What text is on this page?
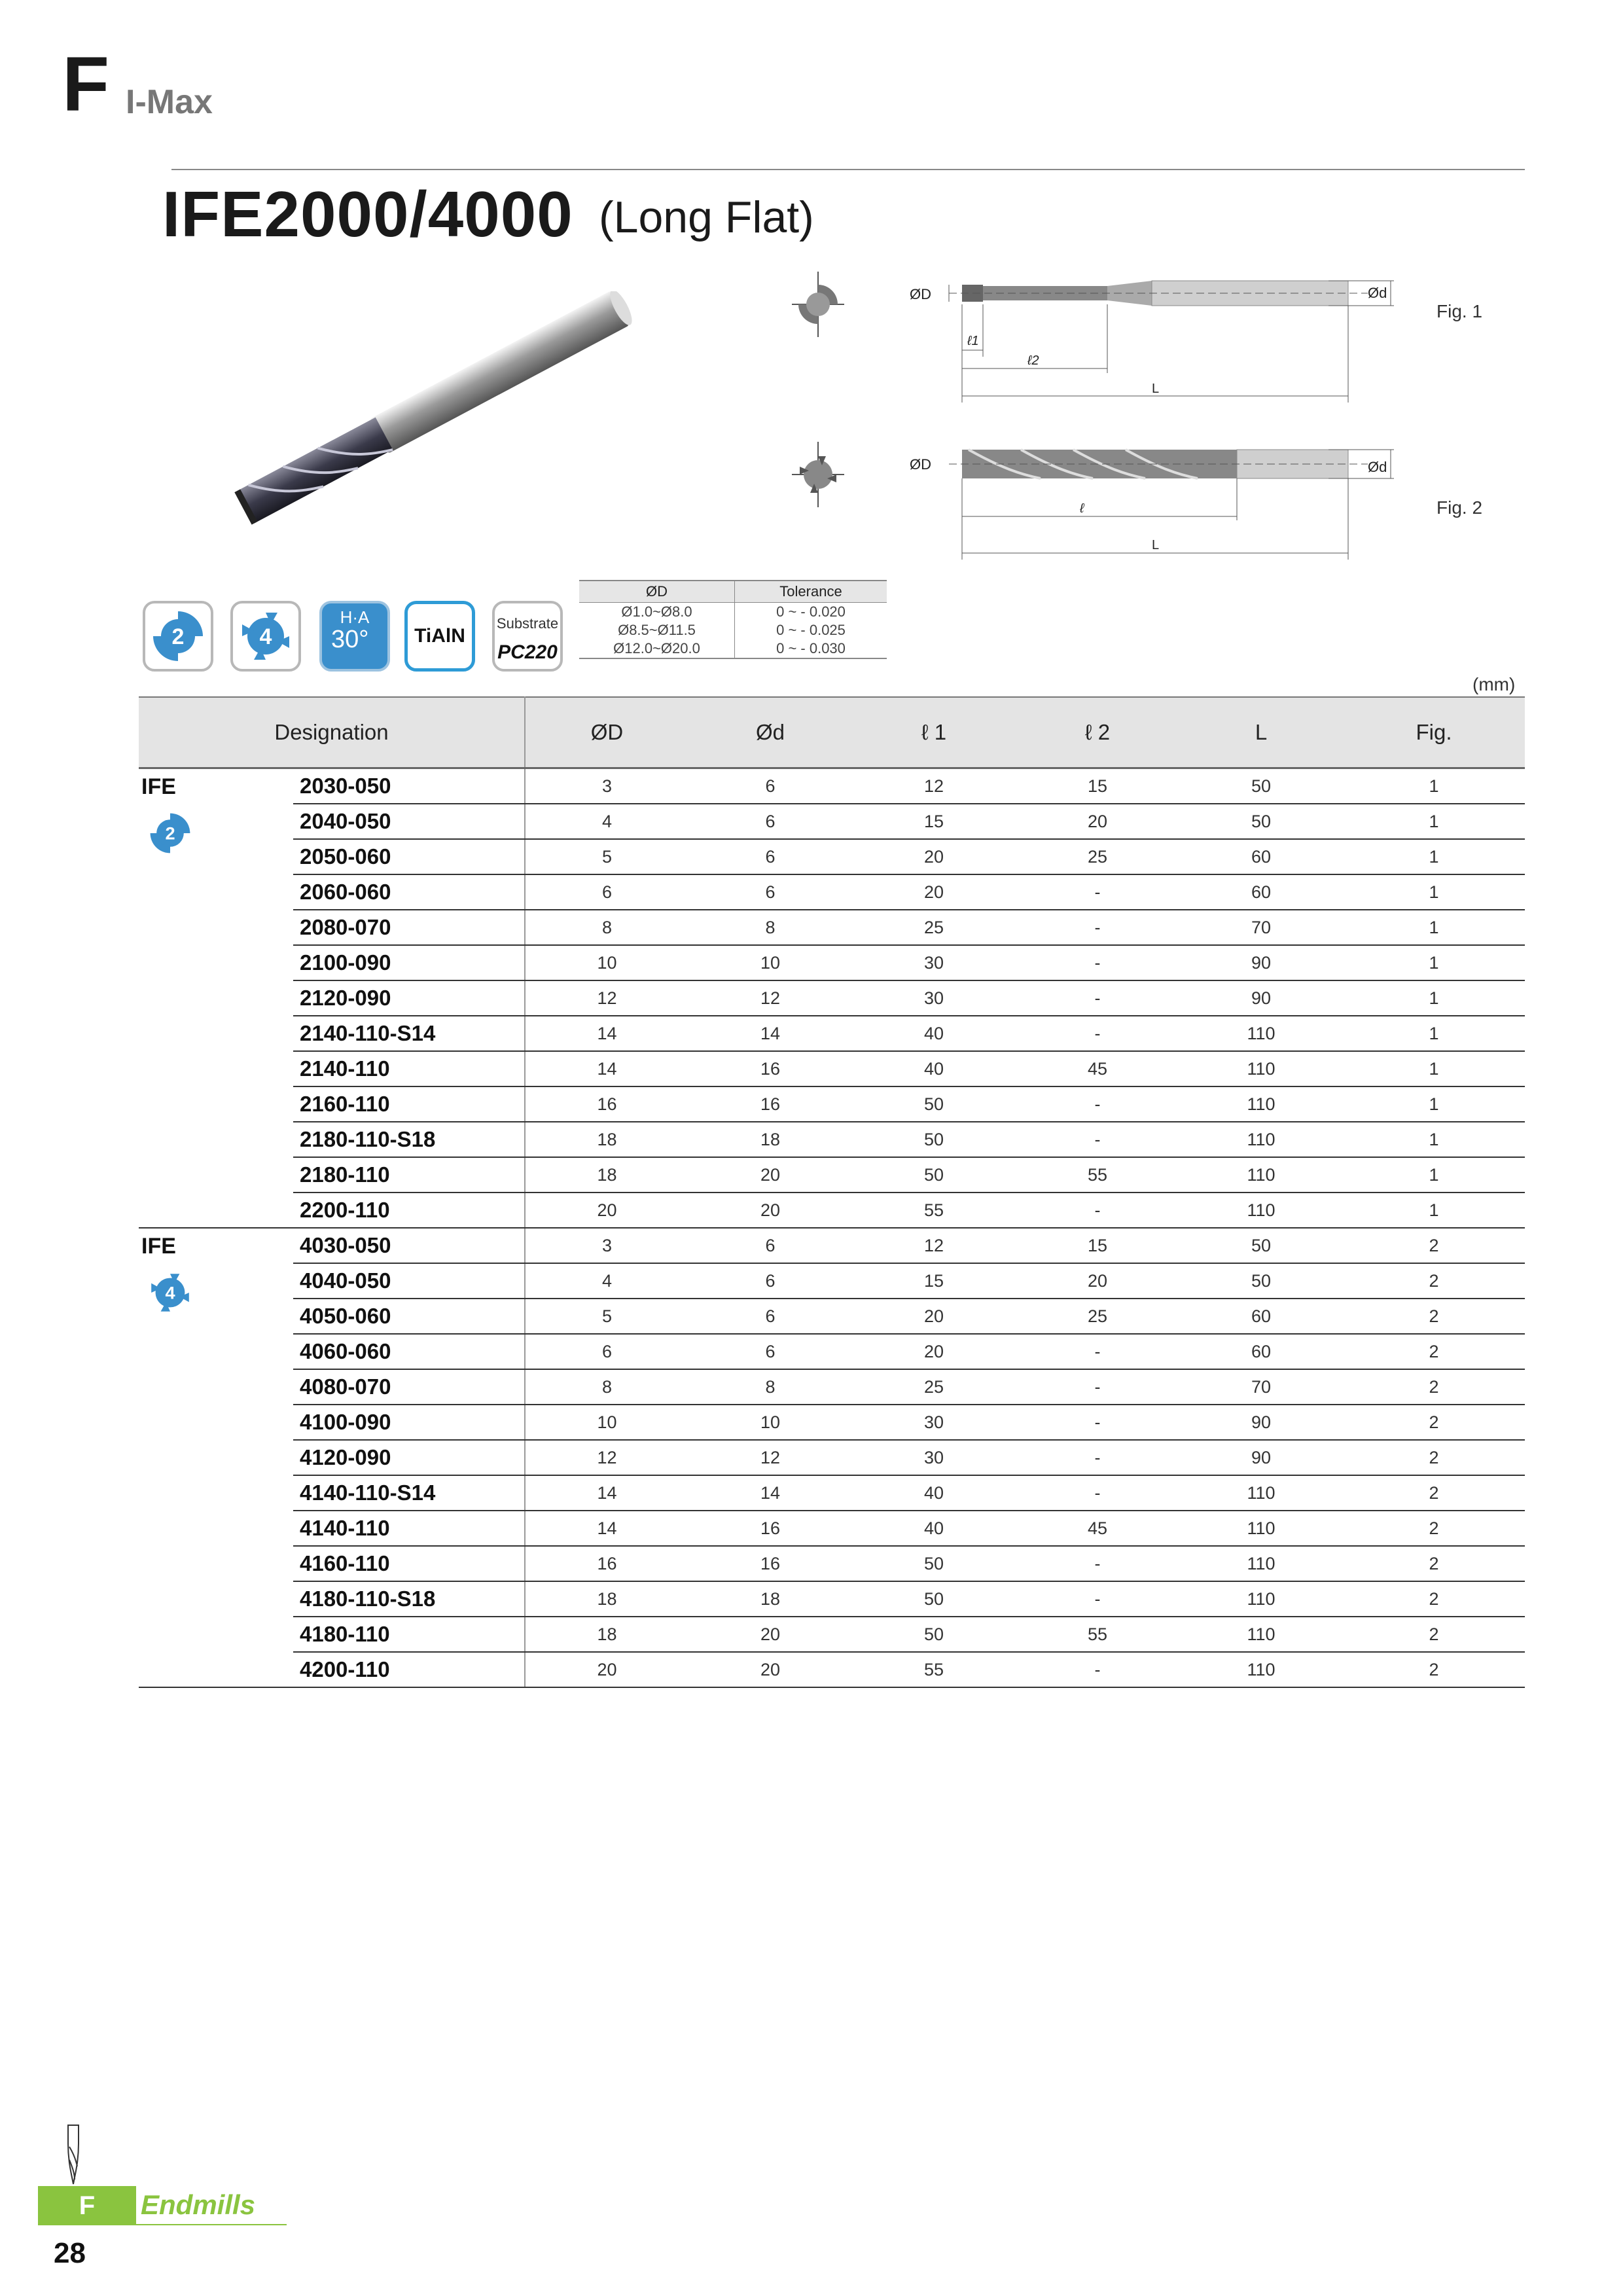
F I-Max
IFE2000/4000 (Long Flat)
ØD	Ød
ℓ1
ℓ2
L
Fig. 1
ØD	Ød
ℓ
L
Fig. 2
2	4
H·A
30°	TiAlN
Substrate
PC220
ØD	Tolerance
Ø1.0~Ø8.0	0 ~ - 0.020
Ø8.5~Ø11.5	0 ~ - 0.025
Ø12.0~Ø20.0	0 ~ - 0.030
(mm)
Designation		ØD	Ød	ℓ 1	ℓ 2	L	Fig.

IFE
2	2030-050	3	6	12	15	50	1
	2040-050	4	6	15	20	50	1
	2050-060	5	6	20	25	60	1
	2060-060	6	6	20	-	60	1
	2080-070	8	8	25	-	70	1
	2100-090	10	10	30	-	90	1
	2120-090	12	12	30	-	90	1
	2140-110-S14	14	14	40	-	110	1
	2140-110	14	16	40	45	110	1
	2160-110	16	16	50	-	110	1
	2180-110-S18	18	18	50	-	110	1
	2180-110	18	20	50	55	110	1
	2200-110	20	20	55	-	110	1

IFE
4	4030-050	3	6	12	15	50	2
	4040-050	4	6	15	20	50	2
	4050-060	5	6	20	25	60	2
	4060-060	6	6	20	-	60	2
	4080-070	8	8	25	-	70	2
	4100-090	10	10	30	-	90	2
	4120-090	12	12	30	-	90	2
	4140-110-S14	14	14	40	-	110	2
	4140-110	14	16	40	45	110	2
	4160-110	16	16	50	-	110	2
	4180-110-S18	18	18	50	-	110	2
	4180-110	18	20	50	55	110	2
	4200-110	20	20	55	-	110	2
F	Endmills
28
